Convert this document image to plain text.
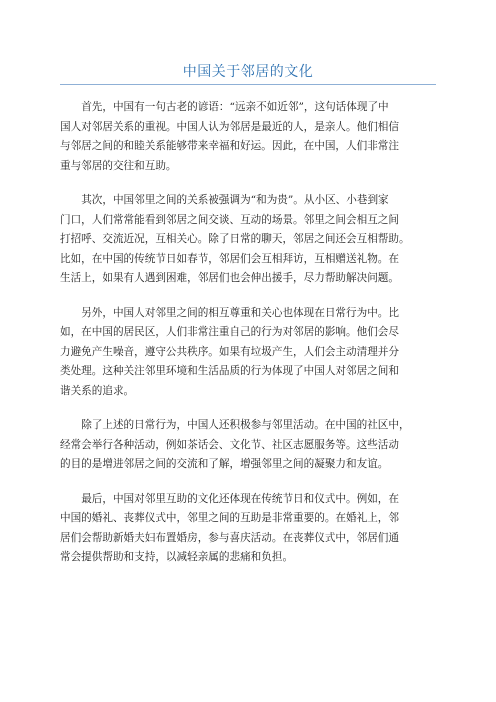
中国关于邻居的文化
首先，中国有一句古老的谚语：“远亲不如近邻”，这句话体现了中
国人对邻居关系的重视。中国人认为邻居是最近的人，是亲人。他们相信
与邻居之间的和睦关系能够带来幸福和好运。因此，在中国，人们非常注
重与邻居的交往和互助。
其次，中国邻里之间的关系被强调为“和为贵”。从小区、小巷到家
门口，人们常常能看到邻居之间交谈、互动的场景。邻里之间会相互之间
打招呼、交流近况，互相关心。除了日常的聊天，邻居之间还会互相帮助。
比如，在中国的传统节日如春节，邻居们会互相拜访，互相赠送礼物。在
生活上，如果有人遇到困难，邻居们也会伸出援手，尽力帮助解决问题。
另外，中国人对邻里之间的相互尊重和关心也体现在日常行为中。比
如，在中国的居民区，人们非常注重自己的行为对邻居的影响。他们会尽
力避免产生噪音，遵守公共秩序。如果有垃圾产生，人们会主动清理并分
类处理。这种关注邻里环境和生活品质的行为体现了中国人对邻居之间和
谐关系的追求。
除了上述的日常行为，中国人还积极参与邻里活动。在中国的社区中，
经常会举行各种活动，例如茶话会、文化节、社区志愿服务等。这些活动
的目的是增进邻居之间的交流和了解，增强邻里之间的凝聚力和友谊。
最后，中国对邻里互助的文化还体现在传统节日和仪式中。例如，在
中国的婚礼、丧葬仪式中，邻里之间的互助是非常重要的。在婚礼上，邻
居们会帮助新婚夫妇布置婚房，参与喜庆活动。在丧葬仪式中，邻居们通
常会提供帮助和支持，以减轻亲属的悲痛和负担。
